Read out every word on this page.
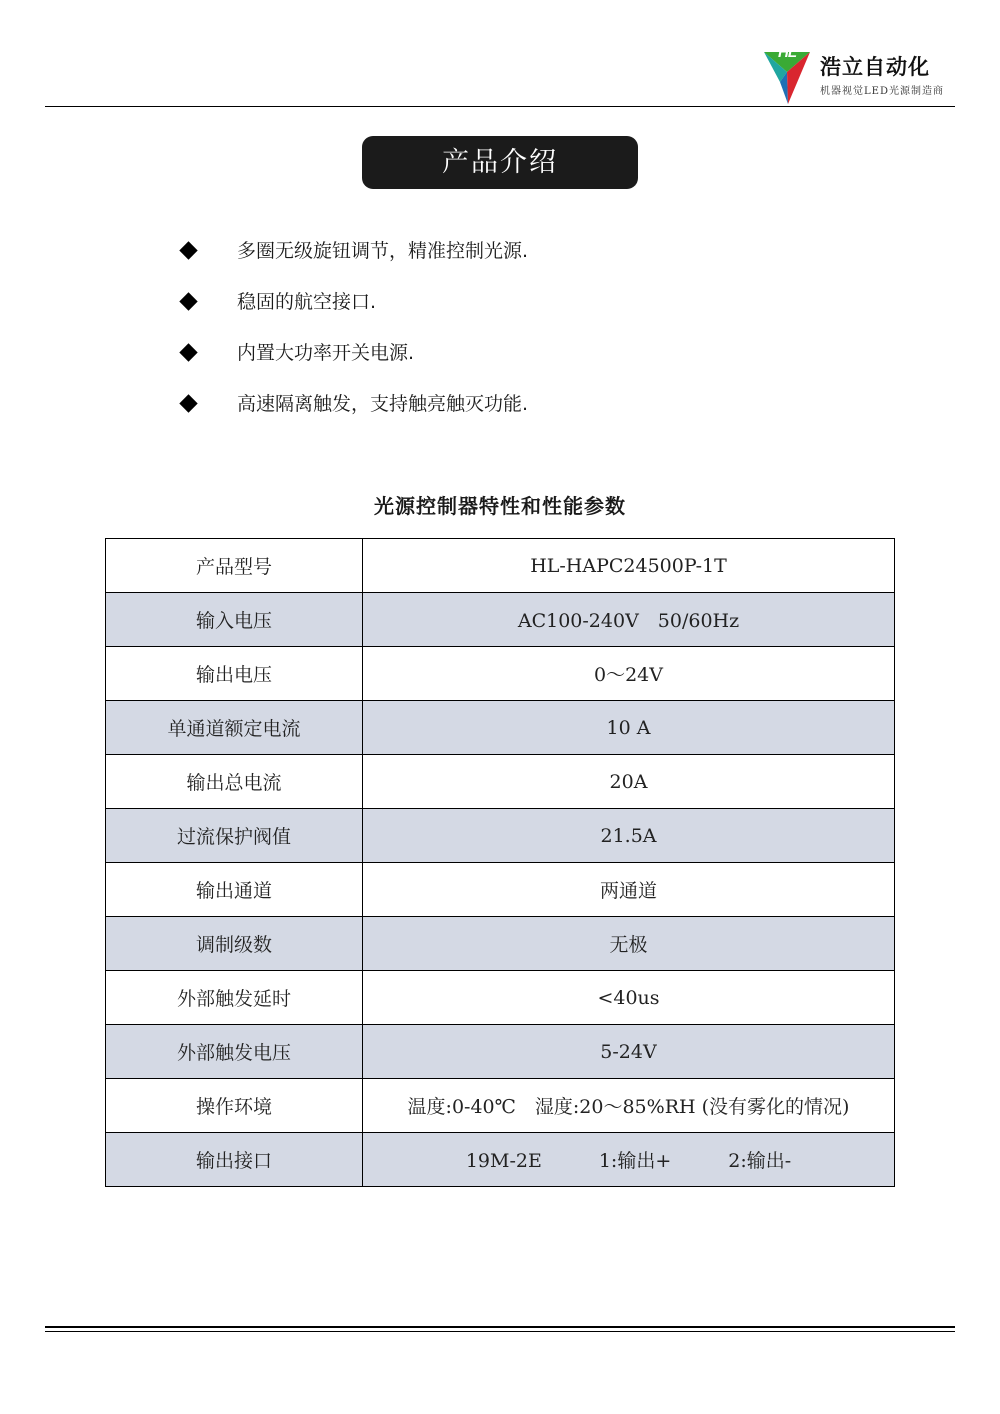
HL
浩立自动化
机器视觉LED光源制造商
产品介绍
多圈无级旋钮调节，精准控制光源.
稳固的航空接口.
内置大功率开关电源.
高速隔离触发，支持触亮触灭功能.
光源控制器特性和性能参数
产品型号	HL-HAPC24500P-1T
输入电压	AC100-240V　50/60Hz
输出电压	0～24V
单通道额定电流	10 A
输出总电流	20A
过流保护阀值	21.5A
输出通道	两通道
调制级数	无极
外部触发延时	<40us
外部触发电压	5-24V
操作环境	温度:0-40℃　湿度:20～85%RH (没有雾化的情况)
输出接口	19M-2E　　　1:输出+　　　2:输出-
